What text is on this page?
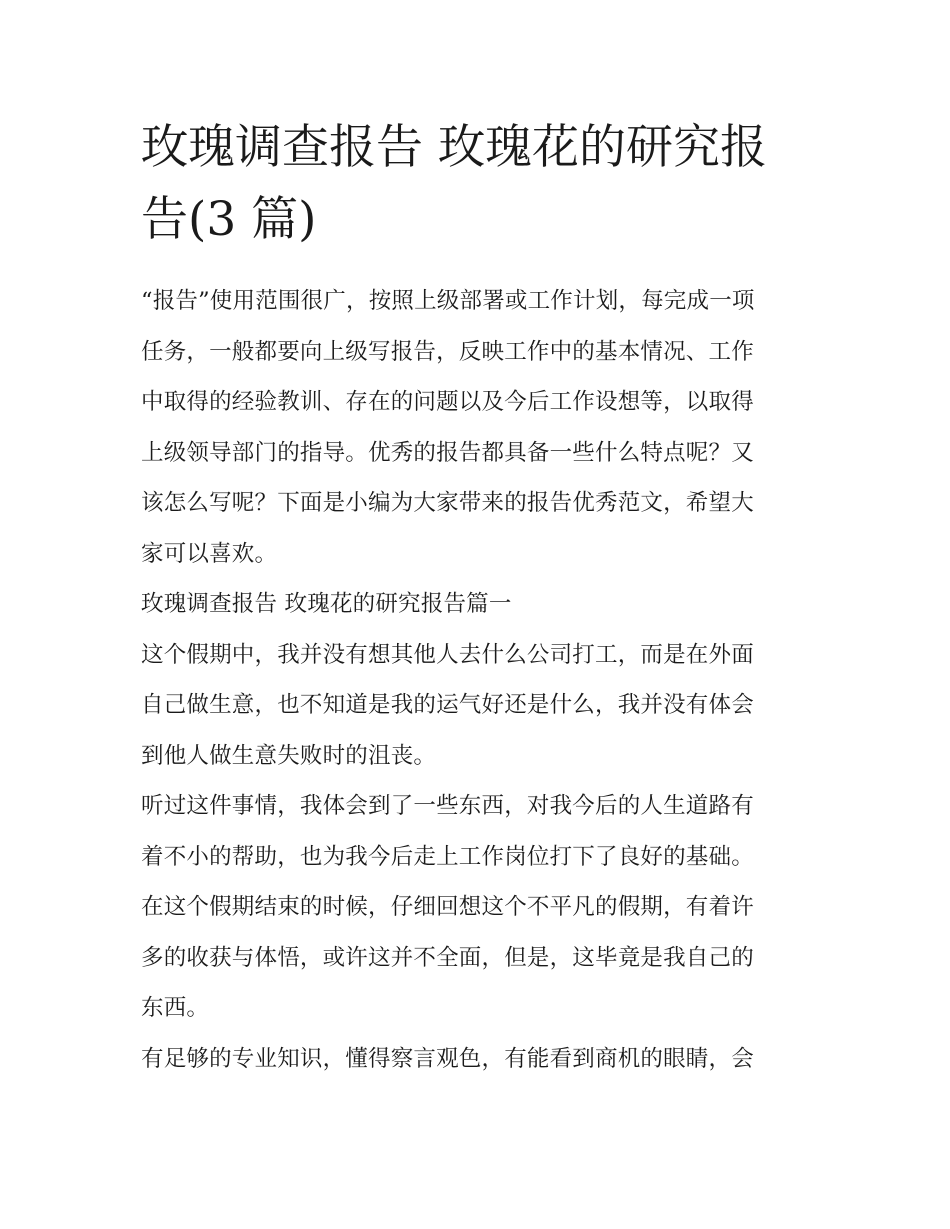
玫瑰调查报告 玫瑰花的研究报
告(3 篇)
“报告”使用范围很广，按照上级部署或工作计划，每完成一项
任务，一般都要向上级写报告，反映工作中的基本情况、工作
中取得的经验教训、存在的问题以及今后工作设想等，以取得
上级领导部门的指导。优秀的报告都具备一些什么特点呢？又
该怎么写呢？下面是小编为大家带来的报告优秀范文，希望大
家可以喜欢。
玫瑰调查报告 玫瑰花的研究报告篇一
这个假期中，我并没有想其他人去什么公司打工，而是在外面
自己做生意，也不知道是我的运气好还是什么，我并没有体会
到他人做生意失败时的沮丧。
听过这件事情，我体会到了一些东西，对我今后的人生道路有
着不小的帮助，也为我今后走上工作岗位打下了良好的基础。
在这个假期结束的时候，仔细回想这个不平凡的假期，有着许
多的收获与体悟，或许这并不全面，但是，这毕竟是我自己的
东西。
有足够的专业知识，懂得察言观色，有能看到商机的眼睛，会
